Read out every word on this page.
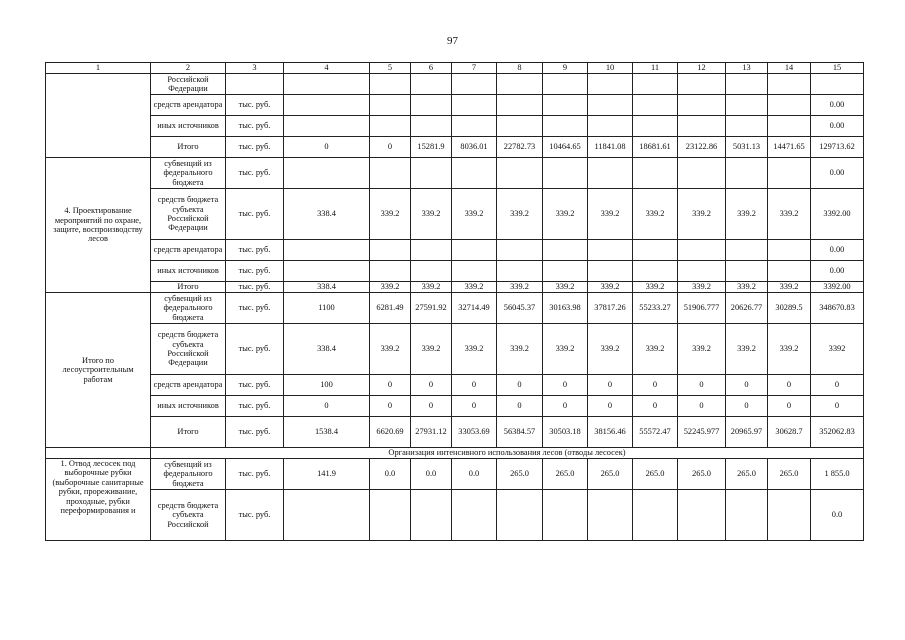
97
1	2	3	4	5	6	7	8	9	10	11	12	13	14	15
	Российской Федерации													
	средств арендатора	тыс. руб.												0.00
	иных источников	тыс. руб.												0.00
	Итого	тыс. руб.	0	0	15281.9	8036.01	22782.73	10464.65	11841.08	18681.61	23122.86	5031.13	14471.65	129713.62
4. Проектирование мероприятий по охране, защите, воспроизводству лесов	субвенций из федерального бюджета	тыс. руб.												0.00
	средств бюджета субъекта Российской Федерации	тыс. руб.	338.4	339.2	339.2	339.2	339.2	339.2	339.2	339.2	339.2	339.2	339.2	3392.00
	средств арендатора	тыс. руб.												0.00
	иных источников	тыс. руб.												0.00
	Итого	тыс. руб.	338.4	339.2	339.2	339.2	339.2	339.2	339.2	339.2	339.2	339.2	339.2	3392.00
Итого по лесоустроительным работам	субвенций из федерального бюджета	тыс. руб.	1100	6281.49	27591.92	32714.49	56045.37	30163.98	37817.26	55233.27	51906.777	20626.77	30289.5	348670.83
	средств бюджета субъекта Российской Федерации	тыс. руб.	338.4	339.2	339.2	339.2	339.2	339.2	339.2	339.2	339.2	339.2	339.2	3392
	средств арендатора	тыс. руб.	100	0	0	0	0	0	0	0	0	0	0	0
	иных источников	тыс. руб.	0	0	0	0	0	0	0	0	0	0	0	0
	Итого	тыс. руб.	1538.4	6620.69	27931.12	33053.69	56384.57	30503.18	38156.46	55572.47	52245.977	20965.97	30628.7	352062.83
	Организация интенсивного использования лесов (отводы лесосек)													
1. Отвод лесосек под выборочные рубки (выборочные санитарные рубки, прореживание, проходные, рубки переформирования и	субвенций из федерального бюджета	тыс. руб.	141.9	0.0	0.0	0.0	265.0	265.0	265.0	265.0	265.0	265.0	265.0	1 855.0
	средств бюджета субъекта Российской	тыс. руб.												0.0
